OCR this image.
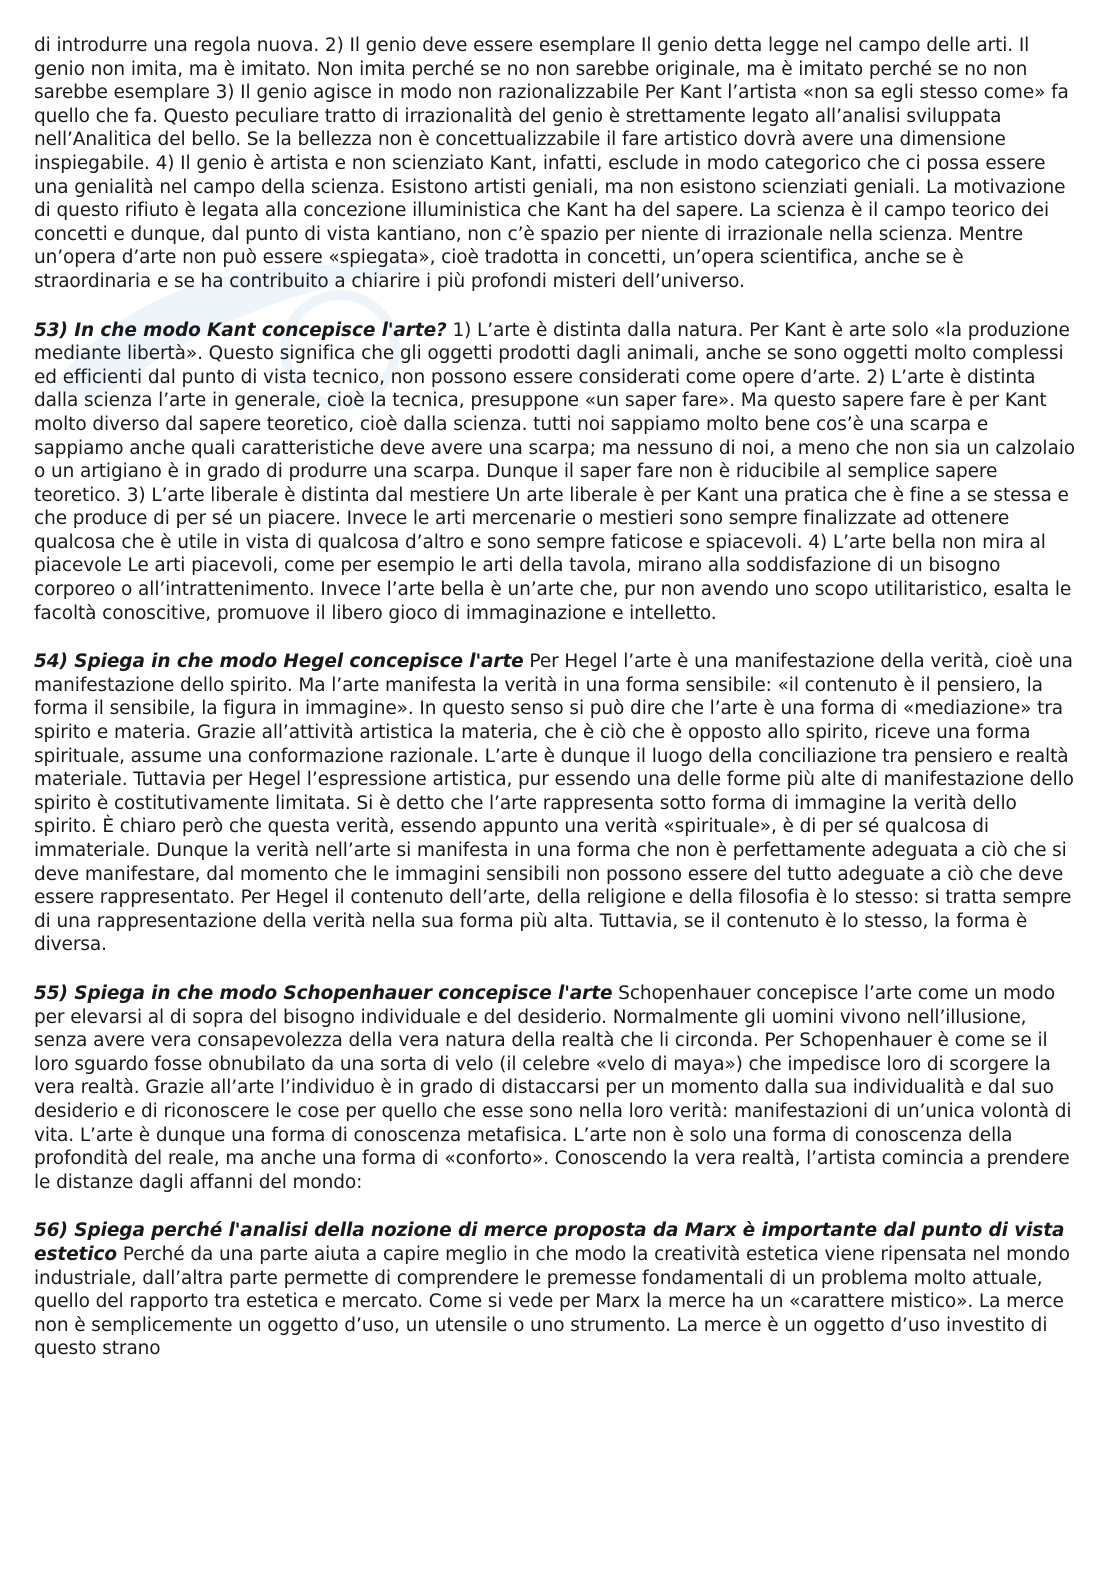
di introdurre una regola nuova. 2) Il genio deve essere esemplare Il genio detta legge nel campo delle arti. Il genio non imita, ma è imitato. Non imita perché se no non sarebbe originale, ma è imitato perché se no non sarebbe esemplare 3) Il genio agisce in modo non razionalizzabile Per Kant l’artista «non sa egli stesso come» fa quello che fa. Questo peculiare tratto di irrazionalità del genio è strettamente legato all’analisi sviluppata nell’Analitica del bello. Se la bellezza non è concettualizzabile il fare artistico dovrà avere una dimensione inspiegabile. 4) Il genio è artista e non scienziato Kant, infatti, esclude in modo categorico che ci possa essere una genialità nel campo della scienza. Esistono artisti geniali, ma non esistono scienziati geniali. La motivazione di questo rifiuto è legata alla concezione illuministica che Kant ha del sapere. La scienza è il campo teorico dei concetti e dunque, dal punto di vista kantiano, non c’è spazio per niente di irrazionale nella scienza. Mentre un’opera d’arte non può essere «spiegata», cioè tradotta in concetti, un’opera scientifica, anche se è straordinaria e se ha contribuito a chiarire i più profondi misteri dell’universo.

53) In che modo Kant concepisce l'arte? 1) L’arte è distinta dalla natura. Per Kant è arte solo «la produzione mediante libertà». Questo significa che gli oggetti prodotti dagli animali, anche se sono oggetti molto complessi ed efficienti dal punto di vista tecnico, non possono essere considerati come opere d’arte. 2) L’arte è distinta dalla scienza l’arte in generale, cioè la tecnica, presuppone «un saper fare». Ma questo sapere fare è per Kant molto diverso dal sapere teoretico, cioè dalla scienza. tutti noi sappiamo molto bene cos’è una scarpa e sappiamo anche quali caratteristiche deve avere una scarpa; ma nessuno di noi, a meno che non sia un calzolaio o un artigiano è in grado di produrre una scarpa. Dunque il saper fare non è riducibile al semplice sapere teoretico. 3) L’arte liberale è distinta dal mestiere Un arte liberale è per Kant una pratica che è fine a se stessa e che produce di per sé un piacere. Invece le arti mercenarie o mestieri sono sempre finalizzate ad ottenere qualcosa che è utile in vista di qualcosa d’altro e sono sempre faticose e spiacevoli. 4) L’arte bella non mira al piacevole Le arti piacevoli, come per esempio le arti della tavola, mirano alla soddisfazione di un bisogno corporeo o all’intrattenimento. Invece l’arte bella è un’arte che, pur non avendo uno scopo utilitaristico, esalta le facoltà conoscitive, promuove il libero gioco di immaginazione e intelletto.

54) Spiega in che modo Hegel concepisce l'arte Per Hegel l’arte è una manifestazione della verità, cioè una manifestazione dello spirito. Ma l’arte manifesta la verità in una forma sensibile: «il contenuto è il pensiero, la forma il sensibile, la figura in immagine». In questo senso si può dire che l’arte è una forma di «mediazione» tra spirito e materia. Grazie all’attività artistica la materia, che è ciò che è opposto allo spirito, riceve una forma spirituale, assume una conformazione razionale. L’arte è dunque il luogo della conciliazione tra pensiero e realtà materiale. Tuttavia per Hegel l’espressione artistica, pur essendo una delle forme più alte di manifestazione dello spirito è costitutivamente limitata. Si è detto che l’arte rappresenta sotto forma di immagine la verità dello spirito. È chiaro però che questa verità, essendo appunto una verità «spirituale», è di per sé qualcosa di immateriale. Dunque la verità nell’arte si manifesta in una forma che non è perfettamente adeguata a ciò che si deve manifestare, dal momento che le immagini sensibili non possono essere del tutto adeguate a ciò che deve essere rappresentato. Per Hegel il contenuto dell’arte, della religione e della filosofia è lo stesso: si tratta sempre di una rappresentazione della verità nella sua forma più alta. Tuttavia, se il contenuto è lo stesso, la forma è diversa.

55) Spiega in che modo Schopenhauer concepisce l'arte Schopenhauer concepisce l’arte come un modo per elevarsi al di sopra del bisogno individuale e del desiderio. Normalmente gli uomini vivono nell’illusione, senza avere vera consapevolezza della vera natura della realtà che li circonda. Per Schopenhauer è come se il loro sguardo fosse obnubilato da una sorta di velo (il celebre «velo di maya») che impedisce loro di scorgere la vera realtà. Grazie all’arte l’individuo è in grado di distaccarsi per un momento dalla sua individualità e dal suo desiderio e di riconoscere le cose per quello che esse sono nella loro verità: manifestazioni di un’unica volontà di vita. L’arte è dunque una forma di conoscenza metafisica. L’arte non è solo una forma di conoscenza della profondità del reale, ma anche una forma di «conforto». Conoscendo la vera realtà, l’artista comincia a prendere le distanze dagli affanni del mondo:

56) Spiega perché l'analisi della nozione di merce proposta da Marx è importante dal punto di vista estetico Perché da una parte aiuta a capire meglio in che modo la creatività estetica viene ripensata nel mondo industriale, dall’altra parte permette di comprendere le premesse fondamentali di un problema molto attuale, quello del rapporto tra estetica e mercato. Come si vede per Marx la merce ha un «carattere mistico». La merce non è semplicemente un oggetto d’uso, un utensile o uno strumento. La merce è un oggetto d’uso investito di questo strano
